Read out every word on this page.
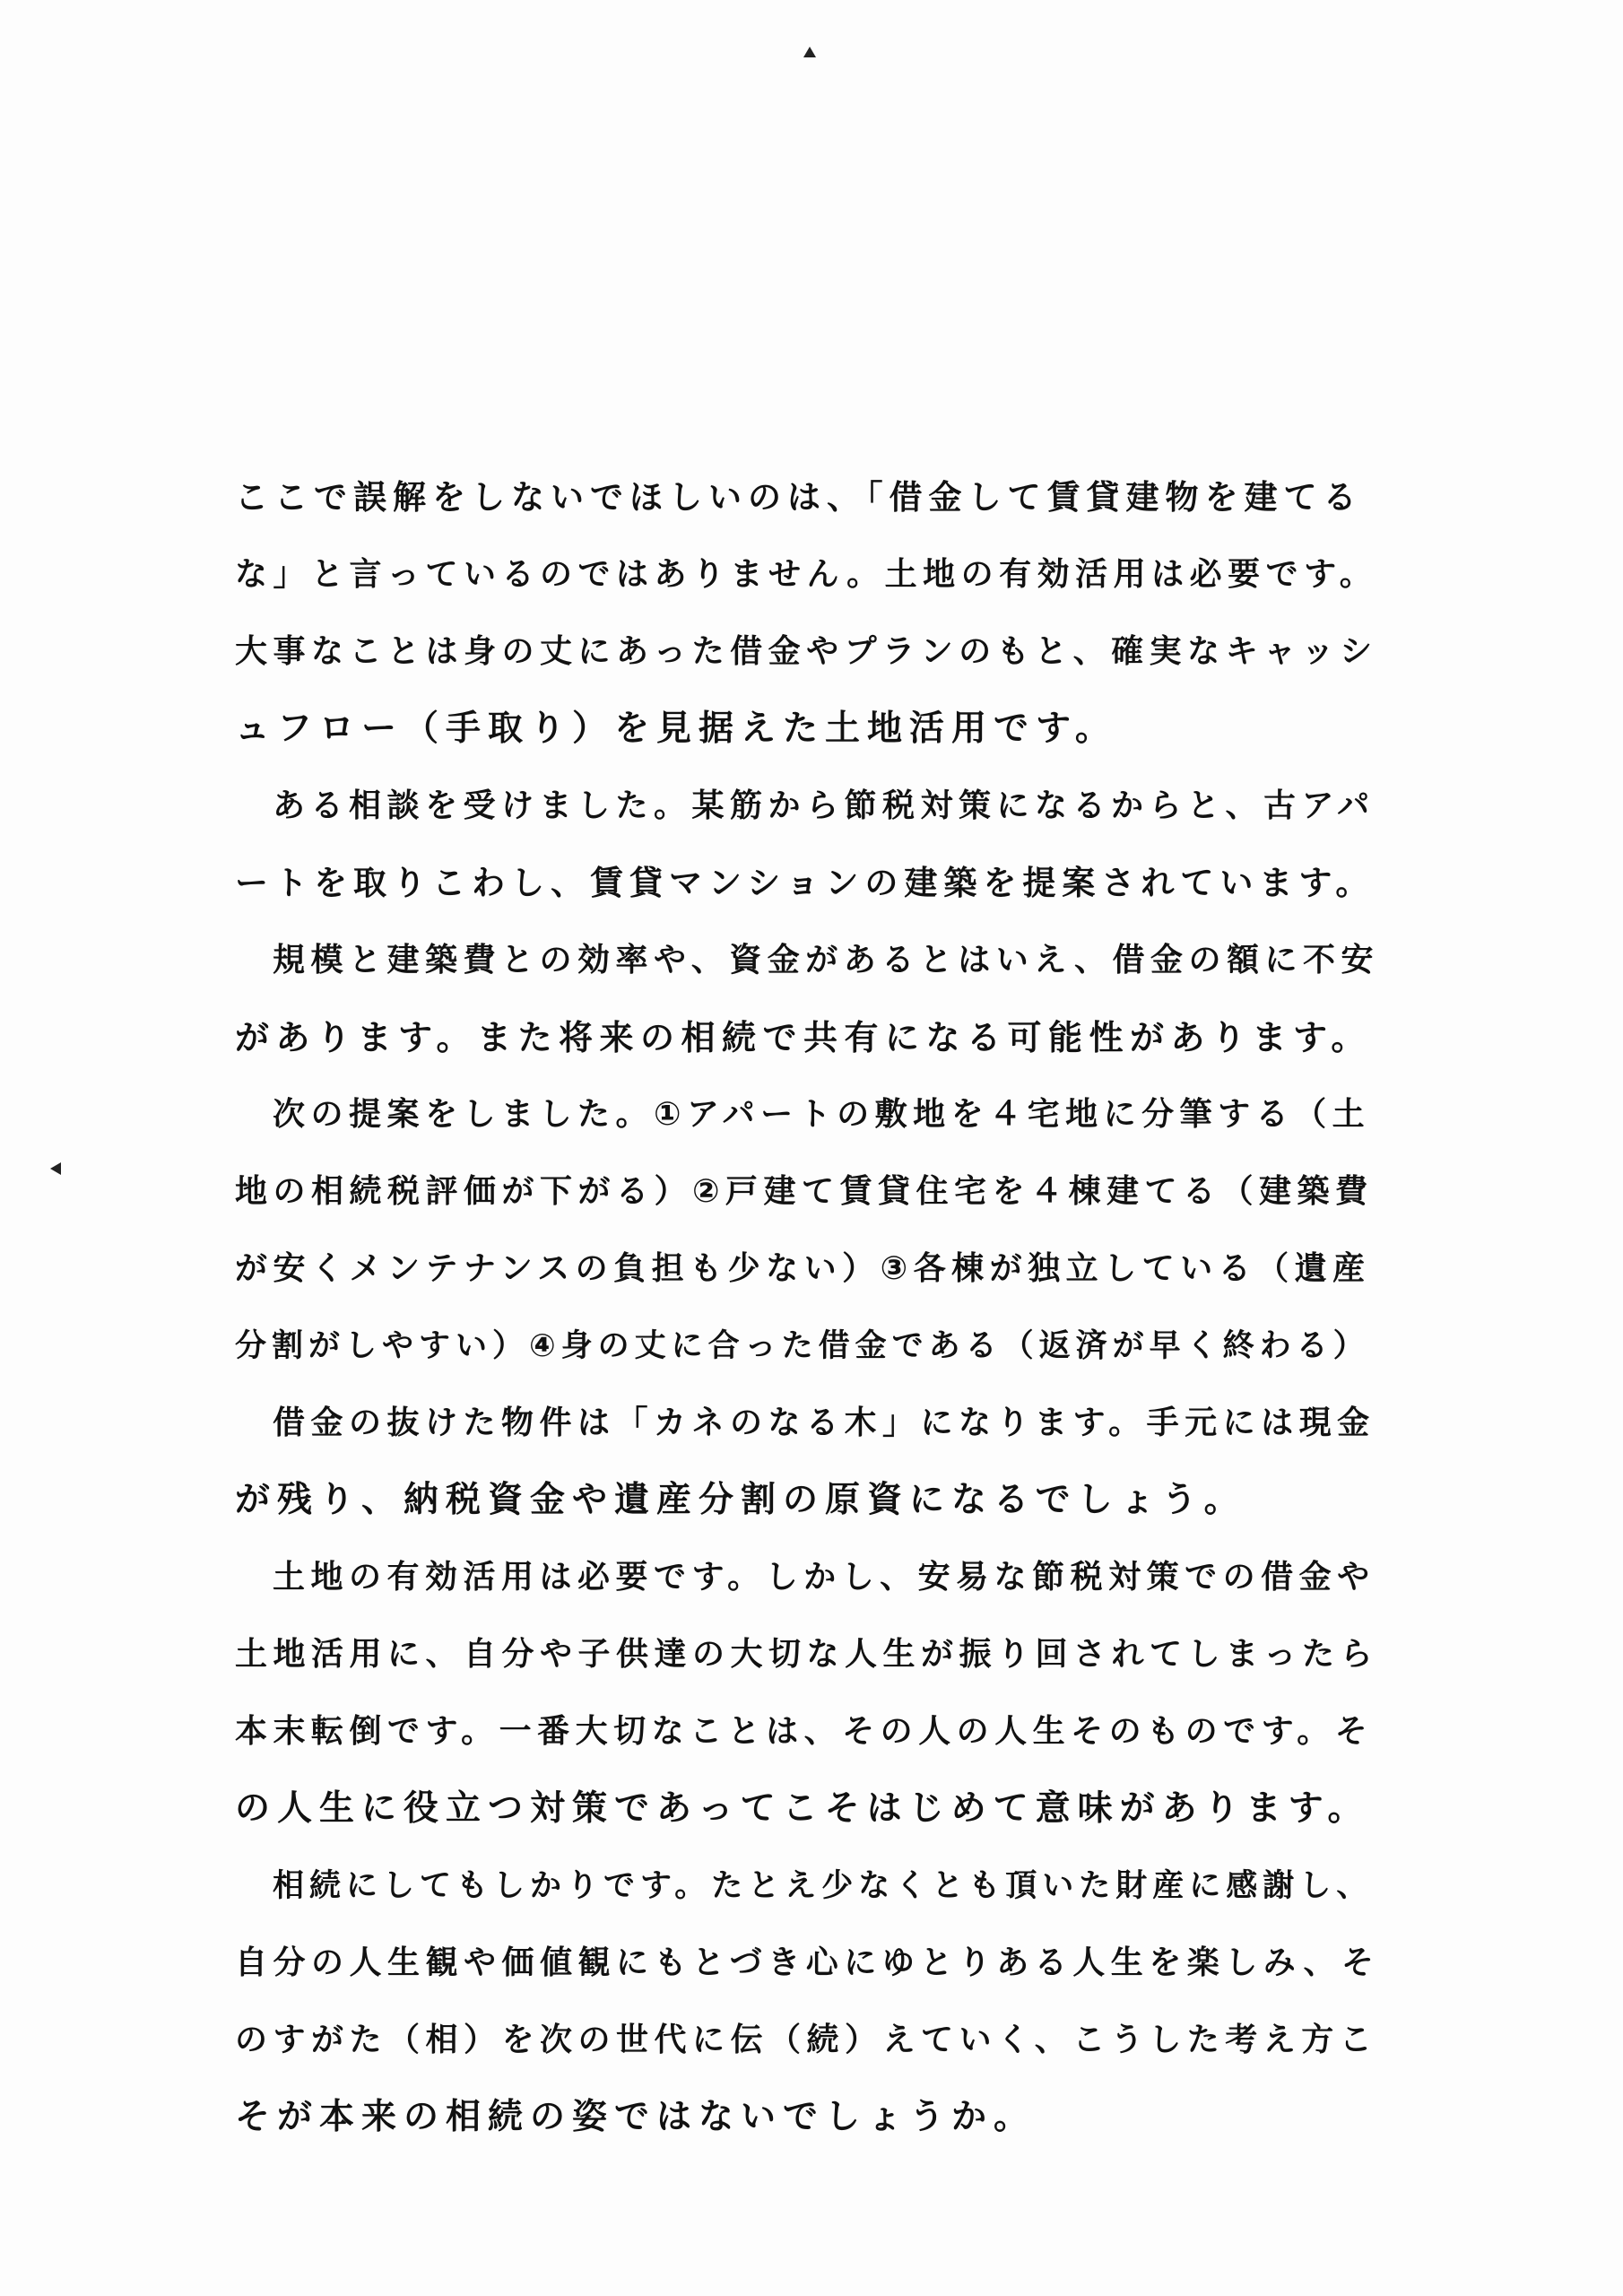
ここで誤解をしないでほしいのは、「借金して賃貸建物を建てる
な」と言っているのではありません。土地の有効活用は必要です。
大事なことは身の丈にあった借金やプランのもと、確実なキャッシ
ュフロー（手取り）を見据えた土地活用です。
ある相談を受けました。某筋から節税対策になるからと、古アパ
ートを取りこわし、賃貸マンションの建築を提案されています。
規模と建築費との効率や、資金があるとはいえ、借金の額に不安
があります。また将来の相続で共有になる可能性があります。
次の提案をしました。①アパートの敷地を４宅地に分筆する（土
地の相続税評価が下がる）②戸建て賃貸住宅を４棟建てる（建築費
が安くメンテナンスの負担も少ない）③各棟が独立している（遺産
分割がしやすい）④身の丈に合った借金である（返済が早く終わる）
借金の抜けた物件は「カネのなる木」になります。手元には現金
が残り、納税資金や遺産分割の原資になるでしょう。
土地の有効活用は必要です。しかし、安易な節税対策での借金や
土地活用に、自分や子供達の大切な人生が振り回されてしまったら
本末転倒です。一番大切なことは、その人の人生そのものです。そ
の人生に役立つ対策であってこそはじめて意味があります。
相続にしてもしかりです。たとえ少なくとも頂いた財産に感謝し、
自分の人生観や価値観にもとづき心にゆとりある人生を楽しみ、そ
のすがた（相）を次の世代に伝（続）えていく、こうした考え方こ
そが本来の相続の姿ではないでしょうか。
